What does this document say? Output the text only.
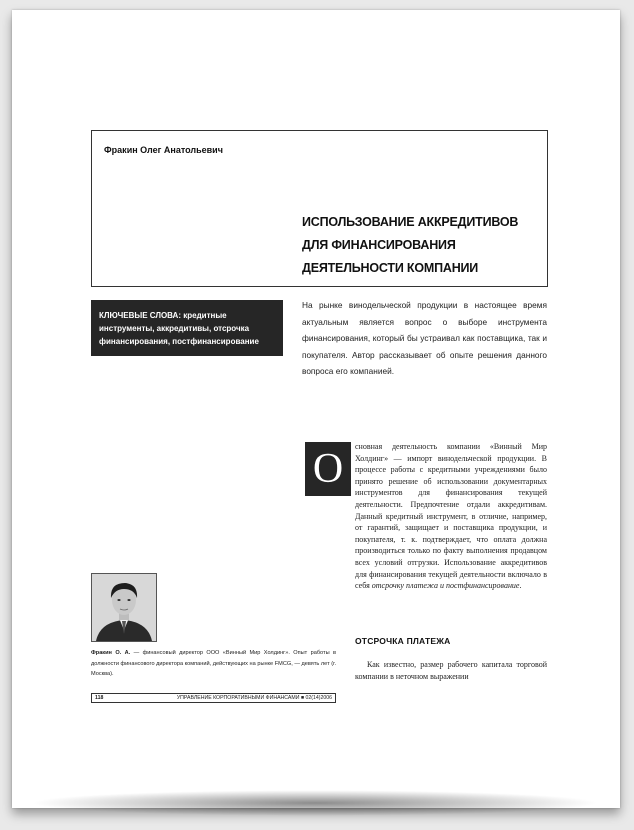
Фракин Олег Анатольевич
ИСПОЛЬЗОВАНИЕ АККРЕДИТИВОВ
ДЛЯ ФИНАНСИРОВАНИЯ
ДЕЯТЕЛЬНОСТИ КОМПАНИИ
КЛЮЧЕВЫЕ СЛОВА: кредитные инструменты, аккредитивы, отсрочка финансирования, постфинансирование
На рынке винодельческой продукции в настоящее время актуальным является вопрос о выборе инструмента финансирования, который бы устраивал как поставщика, так и покупателя. Автор рассказывает об опыте решения данного вопроса его компанией.
О	сновная деятельность компании «Винный Мир Холдинг» — импорт винодельческой продукции. В процессе работы с кредитными учреждениями было принято решение об использовании документарных инструментов для финансирования текущей деятельности. Предпочтение отдали аккредитивам. Данный кредитный инструмент, в отличие, например, от гарантий, защищает и поставщика продукции, и покупателя, т. к. подтверждает, что оплата должна производиться только по факту выполнения продавцом всех условий отгрузки. Использование аккредитивов для финансирования текущей деятельности включало в себя отсрочку платежа и постфинансирование.
ОТСРОЧКА ПЛАТЕЖА
Как известно, размер рабочего капитала торговой компании в неточном выражении
Фракин О. А. — финансовый директор ООО «Винный Мир Холдинг». Опыт работы в должности финансового директора компаний, действующих на рынке FMCG, — девять лет (г. Москва).
118	УПРАВЛЕНИЕ КОРПОРАТИВНЫМИ ФИНАНСАМИ ■ 02(14)2006
